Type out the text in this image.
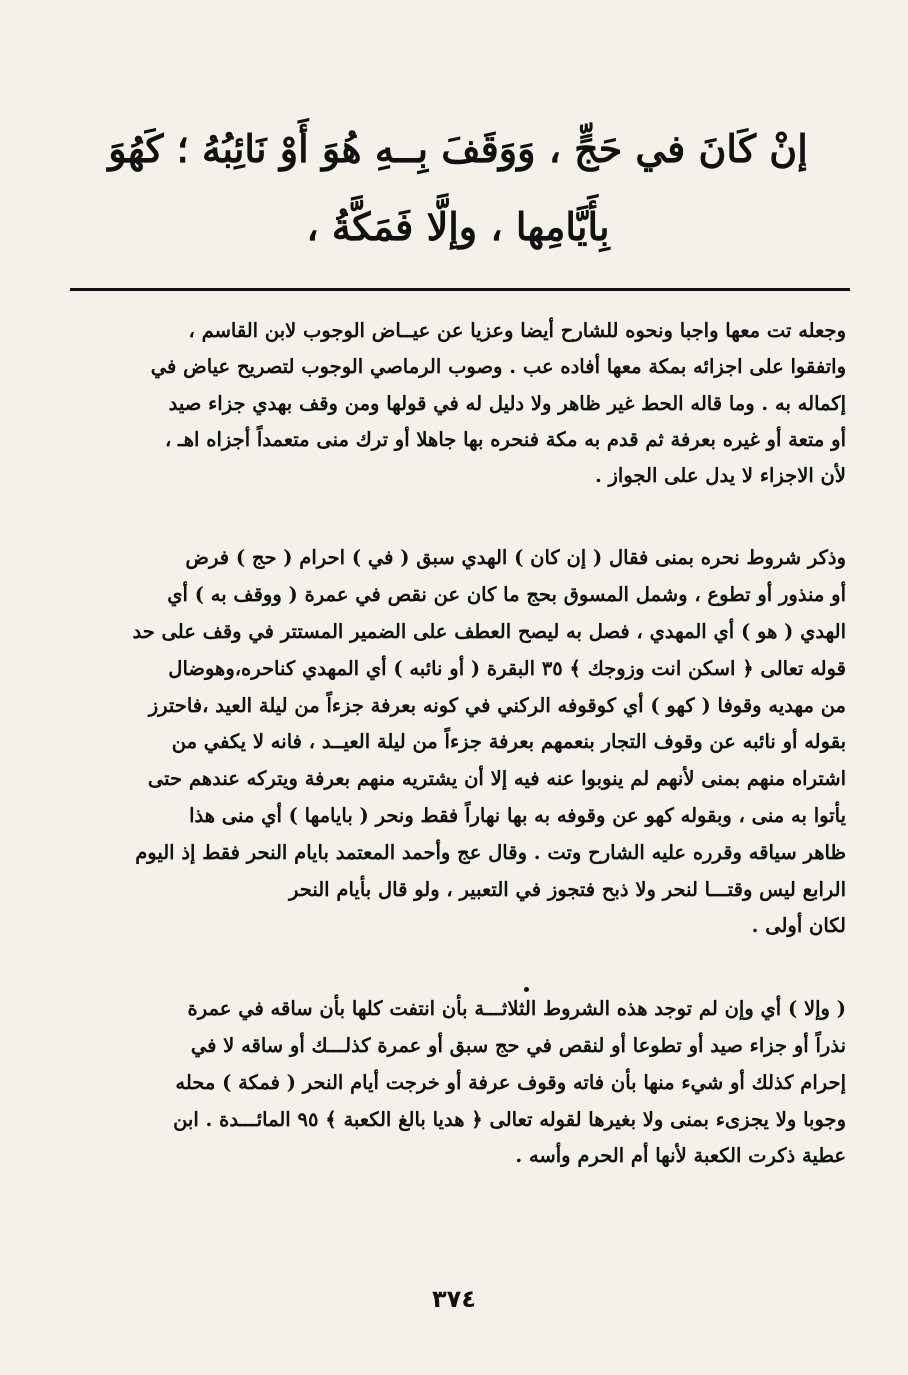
إنْ كَانَ في حَجٍّ ، وَوَقَفَ بِــهِ هُوَ أَوْ نَائِبُهُ ؛ كَهُوَ
بِأَيَّامِها ، وإلَّا فَمَكَّةُ ،
وجعله تت معها واجبا ونحوه للشارح أيضا وعزيا عن عيــاض الوجوب لابن القاسم ،
واتفقوا على اجزائه بمكة معها أفاده عب . وصوب الرماصي الوجوب لتصريح عياض في
إكماله به . وما قاله الحط غير ظاهر ولا دليل له في قولها ومن وقف بهدي جزاء صيد
أو متعة أو غيره بعرفة ثم قدم به مكة فنحره بها جاهلا أو ترك منى متعمداً أجزاه اهـ ،
لأن الاجزاء لا يدل على الجواز .
وذكر شروط نحره بمنى فقال ( إن كان ) الهدي سبق ( في ) احرام ( حج ) فرض
أو منذور أو تطوع ، وشمل المسوق بحج ما كان عن نقص في عمرة ( ووقف به ) أي
الهدي ( هو ) أي المهدي ، فصل به ليصح العطف على الضمير المستتر في وقف على حد
قوله تعالى ﴿ اسكن انت وزوجك ﴾ ٣٥ البقرة ( أو نائبه ) أي المهدي كناحره،وهوضال
من مهديه وقوفا ( كهو ) أي كوقوفه الركني في كونه بعرفة جزءاً من ليلة العيد ،فاحترز
بقوله أو نائبه عن وقوف التجار بنعمهم بعرفة جزءاً من ليلة العيــد ، فانه لا يكفي من
اشتراه منهم بمنى لأنهم لم ينوبوا عنه فيه إلا أن يشتريه منهم بعرفة ويتركه عندهم حتى
يأتوا به منى ، وبقوله كهو عن وقوفه به بها نهاراً فقط ونحر ( بايامها ) أي منى هذا
ظاهر سياقه وقرره عليه الشارح وتت . وقال عج وأحمد المعتمد بايام النحر فقط إذ اليوم
الرابع ليس وقتـــا لنحر ولا ذبح فتجوز في التعبير ، ولو قال بأيام النحر
لكان أولى .
( وإلا ) أي وإن لم توجد هذه الشروط الثلاثـــة بأن انتفت كلها بأن ساقه في عمرة
نذراً أو جزاء صيد أو تطوعا أو لنقص في حج سبق أو عمرة كذلـــك أو ساقه لا في
إحرام كذلك أو شيء منها بأن فاته وقوف عرفة أو خرجت أيام النحر ( فمكة ) محله
وجوبا ولا يجزىء بمنى ولا بغيرها لقوله تعالى ﴿ هديا بالغ الكعبة ﴾ ٩٥ المائـــدة . ابن
عطية ذكرت الكعبة لأنها أم الحرم وأسه .
٣٧٤
